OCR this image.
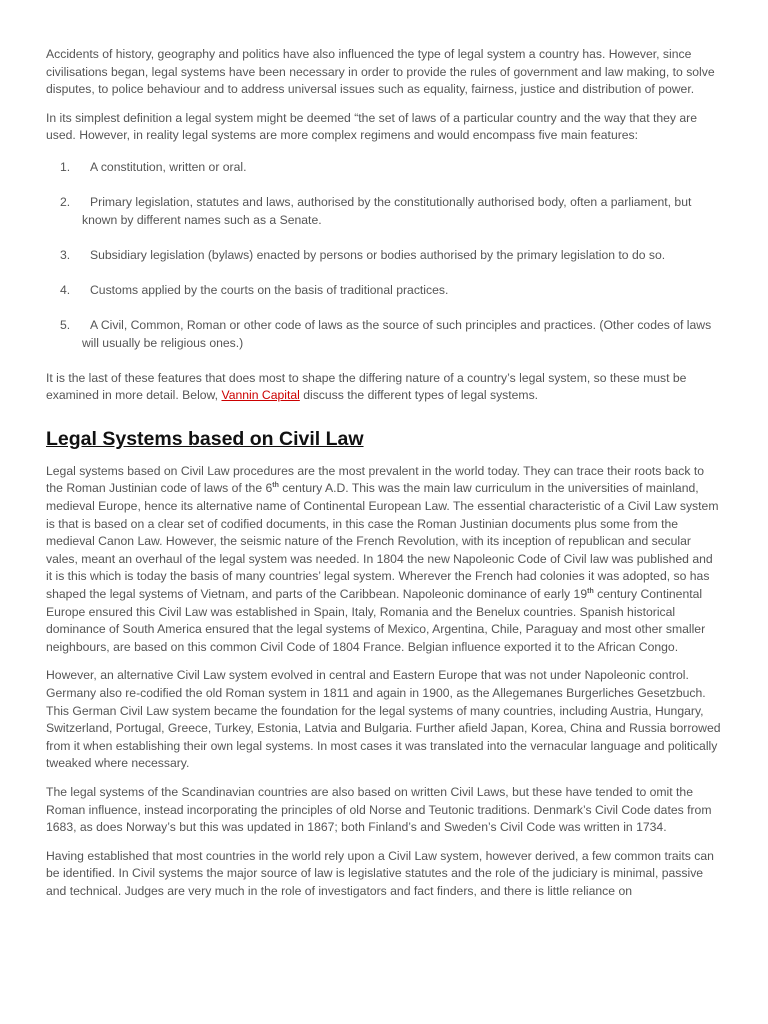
Accidents of history, geography and politics have also influenced the type of legal system a country has. However, since civilisations began, legal systems have been necessary in order to provide the rules of government and law making, to solve disputes, to police behaviour and to address universal issues such as equality, fairness, justice and distribution of power.

In its simplest definition a legal system might be deemed “the set of laws of a particular country and the way that they are used. However, in reality legal systems are more complex regimens and would encompass five main features:

1. A constitution, written or oral.
2. Primary legislation, statutes and laws, authorised by the constitutionally authorised body, often a parliament, but known by different names such as a Senate.
3. Subsidiary legislation (bylaws) enacted by persons or bodies authorised by the primary legislation to do so.
4. Customs applied by the courts on the basis of traditional practices.
5. A Civil, Common, Roman or other code of laws as the source of such principles and practices. (Other codes of laws will usually be religious ones.)

It is the last of these features that does most to shape the differing nature of a country’s legal system, so these must be examined in more detail. Below, Vannin Capital discuss the different types of legal systems.

Legal Systems based on Civil Law

Legal systems based on Civil Law procedures are the most prevalent in the world today. They can trace their roots back to the Roman Justinian code of laws of the 6th century A.D. This was the main law curriculum in the universities of mainland, medieval Europe, hence its alternative name of Continental European Law. The essential characteristic of a Civil Law system is that is based on a clear set of codified documents, in this case the Roman Justinian documents plus some from the medieval Canon Law. However, the seismic nature of the French Revolution, with its inception of republican and secular vales, meant an overhaul of the legal system was needed. In 1804 the new Napoleonic Code of Civil law was published and it is this which is today the basis of many countries’ legal system. Wherever the French had colonies it was adopted, so has shaped the legal systems of Vietnam, and parts of the Caribbean. Napoleonic dominance of early 19th century Continental Europe ensured this Civil Law was established in Spain, Italy, Romania and the Benelux countries. Spanish historical dominance of South America ensured that the legal systems of Mexico, Argentina, Chile, Paraguay and most other smaller neighbours, are based on this common Civil Code of 1804 France. Belgian influence exported it to the African Congo.

However, an alternative Civil Law system evolved in central and Eastern Europe that was not under Napoleonic control. Germany also re-codified the old Roman system in 1811 and again in 1900, as the Allegemanes Burgerliches Gesetzbuch. This German Civil Law system became the foundation for the legal systems of many countries, including Austria, Hungary, Switzerland, Portugal, Greece, Turkey, Estonia, Latvia and Bulgaria. Further afield Japan, Korea, China and Russia borrowed from it when establishing their own legal systems. In most cases it was translated into the vernacular language and politically tweaked where necessary.

The legal systems of the Scandinavian countries are also based on written Civil Laws, but these have tended to omit the Roman influence, instead incorporating the principles of old Norse and Teutonic traditions. Denmark’s Civil Code dates from 1683, as does Norway’s but this was updated in 1867; both Finland’s and Sweden’s Civil Code was written in 1734.

Having established that most countries in the world rely upon a Civil Law system, however derived, a few common traits can be identified. In Civil systems the major source of law is legislative statutes and the role of the judiciary is minimal, passive and technical. Judges are very much in the role of investigators and fact finders, and there is little reliance on
